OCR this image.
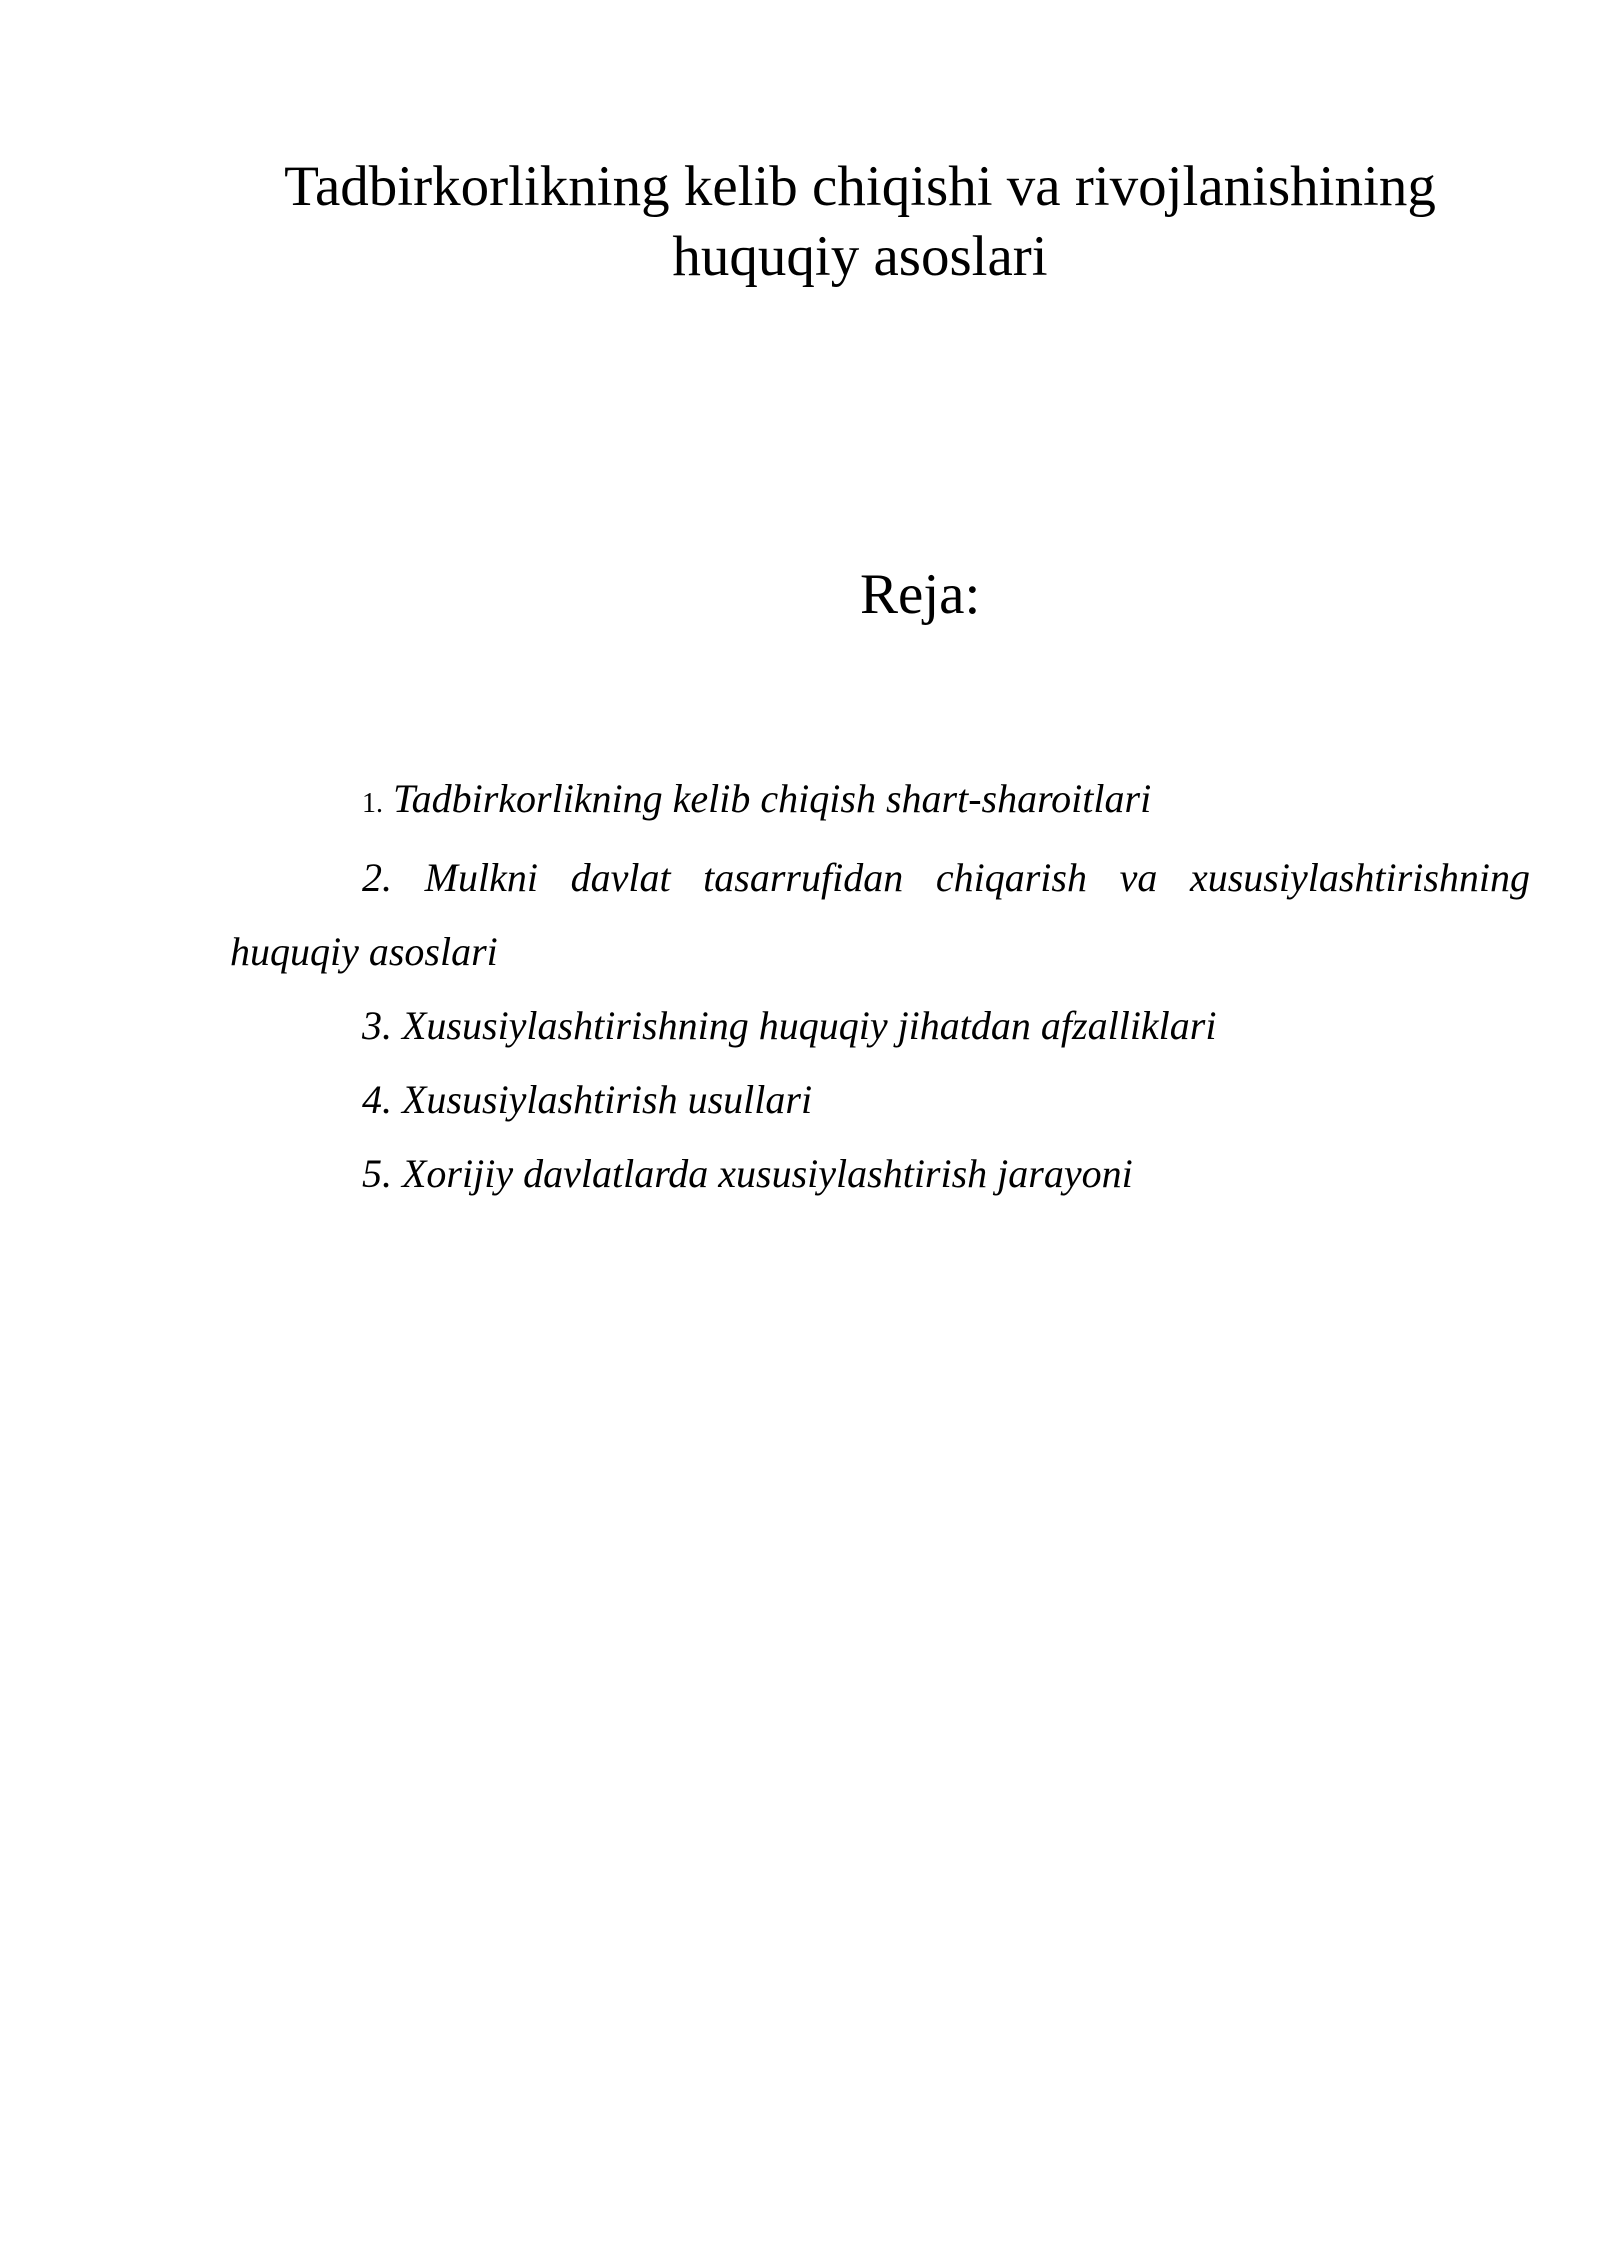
Tadbirkorlikning kelib chiqishi va rivojlanishining
huquqiy asoslari
Reja:
1. Tadbirkorlikning kelib chiqish shart-sharoitlari
2. Mulkni davlat tasarrufidan chiqarish va xususiylashtirishning huquqiy asoslari
3. Xususiylashtirishning huquqiy jihatdan afzalliklari
4. Xususiylashtirish usullari
5. Xorijiy davlatlarda xususiylashtirish jarayoni
